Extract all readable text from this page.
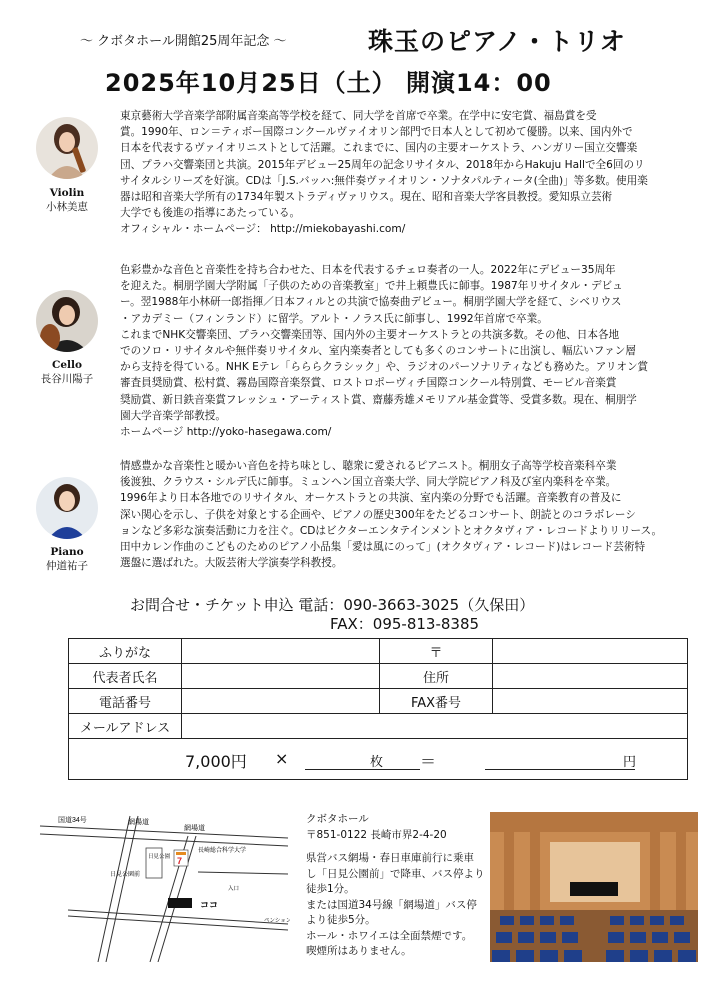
～ クボタホール開館25周年記念 ～	珠玉のピアノ・トリオ
2025年10月25日（土） 開演14：00
Violin
小林美恵

東京藝術大学音楽学部附属音楽高等学校を経て、同大学を首席で卒業。在学中に安宅賞、福島賞を受

賞。1990年、ロン＝ティボー国際コンクールヴァイオリン部門で日本人として初めて優勝。以来、国内外で

日本を代表するヴァイオリニストとして活躍。これまでに、国内の主要オーケストラ、ハンガリー国立交響楽

団、プラハ交響楽団と共演。2015年デビュー25周年の記念リサイタル、2018年からHakuju Hallで全6回のリ

サイタルシリーズを好演。CDは「J.S.バッハ:無伴奏ヴァイオリン・ソナタパルティータ(全曲)」等多数。使用楽

器は昭和音楽大学所有の1734年製ストラディヴァリウス。現在、昭和音楽大学客員教授。愛知県立芸術

大学でも後進の指導にあたっている。

オフィシャル・ホームページ： http://miekobayashi.com/

Cello
長谷川陽子

色彩豊かな音色と音楽性を持ち合わせた、日本を代表するチェロ奏者の一人。2022年にデビュー35周年

を迎えた。桐朋学園大学附属「子供のための音楽教室」で井上頼豊氏に師事。1987年リサイタル・デビュ

ー。翌1988年小林研一郎指揮／日本フィルとの共演で協奏曲デビュー。桐朋学園大学を経て、シベリウス

・アカデミー（フィンランド）に留学。アルト・ノラス氏に師事し、1992年首席で卒業。

これまでNHK交響楽団、プラハ交響楽団等、国内外の主要オーケストラとの共演多数。その他、日本各地

でのソロ・リサイタルや無伴奏リサイタル、室内楽奏者としても多くのコンサートに出演し、幅広いファン層

から支持を得ている。NHK Eテレ「らららクラシック」や、ラジオのパーソナリティなども務めた。アリオン賞

審査員奨励賞、松村賞、霧島国際音楽祭賞、ロストロポーヴィチ国際コンクール特別賞、モービル音楽賞

奨励賞、新日鉄音楽賞フレッシュ・アーティスト賞、齋藤秀雄メモリアル基金賞等、受賞多数。現在、桐朋学

園大学音楽学部教授。

ホームページ http://yoko-hasegawa.com/

Piano
仲道祐子

情感豊かな音楽性と暖かい音色を持ち味とし、聴衆に愛されるピアニスト。桐朋女子高等学校音楽科卒業

後渡独、クラウス・シルデ氏に師事。ミュンヘン国立音楽大学、同大学院ピアノ科及び室内楽科を卒業。

1996年より日本各地でのリサイタル、オーケストラとの共演、室内楽の分野でも活躍。音楽教育の普及に

深い関心を示し、子供を対象とする企画や、ピアノの歴史300年をたどるコンサート、朗読とのコラボレーシ

ョンなど多彩な演奏活動に力を注ぐ。CDはビクターエンタテインメントとオクタヴィア・レコードよりリリース。

田中カレン作曲のこどものためのピアノ小品集「愛は風にのって」(オクタヴィア・レコード)はレコード芸術特

選盤に選ばれた。大阪芸術大学演奏学科教授。

お問合せ・チケット申込 電話：090-3663-3025（久保田）
FAX：095-813-8385
ふりがな		〒	
代表者氏名		住所	
電話番号		FAX番号	
メールアドレス			

7,000円 × 枚 ＝ 円			
国道34号	網場道
網場道
日見公園
日見公園前
7
長崎総合科学大学
入口
ココ
ペンション

クボタホール

〒851-0122 長崎市界2-4-20

県営バス網場・春日車庫前行に乗車

し「日見公園前」で降車、バス停より

徒歩1分。

または国道34号線「網場道」バス停

より徒歩5分。

ホール・ホワイエは全面禁煙です。

喫煙所はありません。
